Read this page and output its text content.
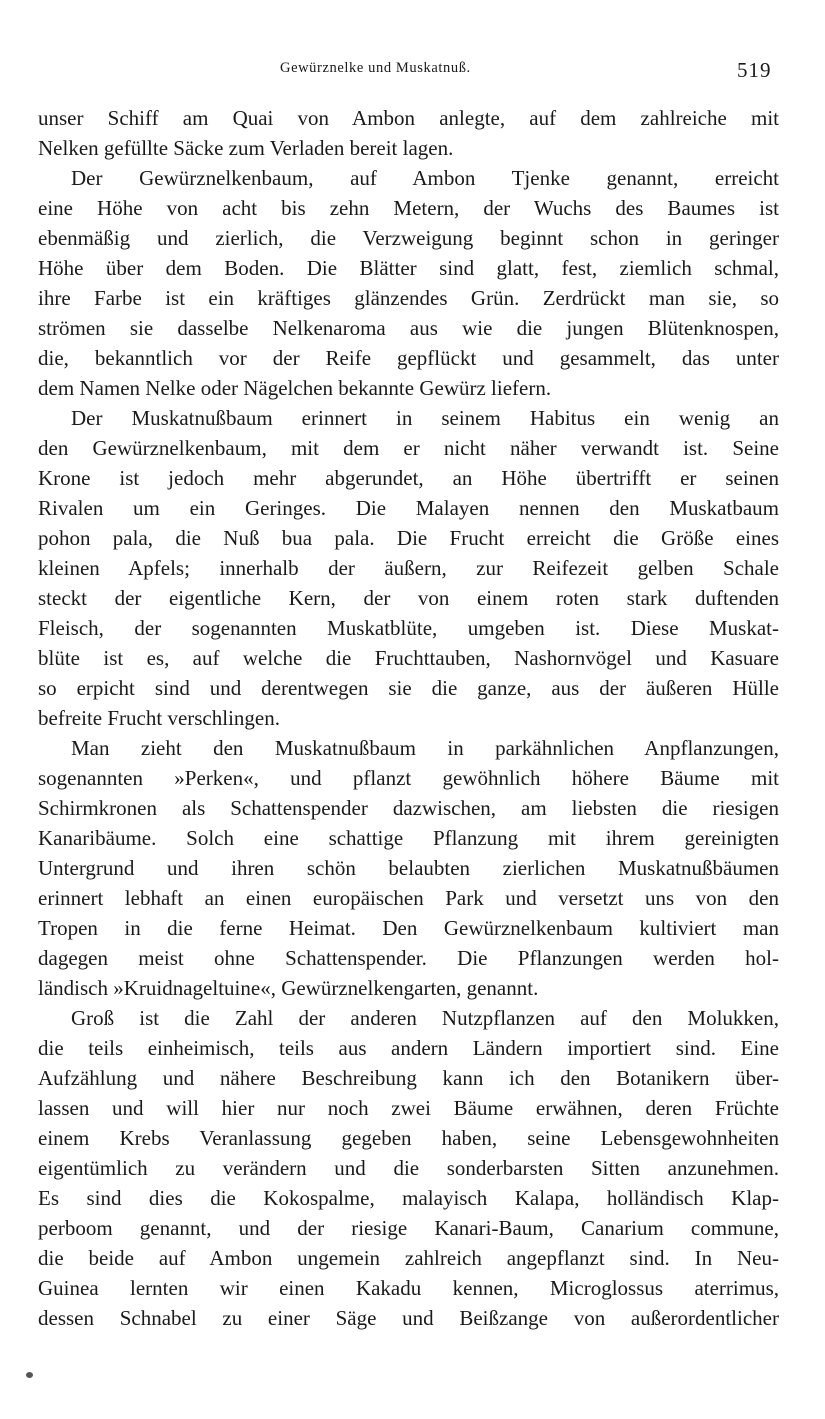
Gewürznelke und Muskatnuß.	519
unser Schiff am Quai von Ambon anlegte, auf dem zahlreiche mit
Nelken gefüllte Säcke zum Verladen bereit lagen.
Der Gewürznelkenbaum, auf Ambon Tjenke genannt, erreicht
eine Höhe von acht bis zehn Metern, der Wuchs des Baumes ist
ebenmäßig und zierlich, die Verzweigung beginnt schon in geringer
Höhe über dem Boden. Die Blätter sind glatt, fest, ziemlich schmal,
ihre Farbe ist ein kräftiges glänzendes Grün. Zerdrückt man sie, so
strömen sie dasselbe Nelkenaroma aus wie die jungen Blütenknospen,
die, bekanntlich vor der Reife gepflückt und gesammelt, das unter
dem Namen Nelke oder Nägelchen bekannte Gewürz liefern.
Der Muskatnußbaum erinnert in seinem Habitus ein wenig an
den Gewürznelkenbaum, mit dem er nicht näher verwandt ist. Seine
Krone ist jedoch mehr abgerundet, an Höhe übertrifft er seinen
Rivalen um ein Geringes. Die Malayen nennen den Muskatbaum
pohon pala, die Nuß bua pala. Die Frucht erreicht die Größe eines
kleinen Apfels; innerhalb der äußern, zur Reifezeit gelben Schale
steckt der eigentliche Kern, der von einem roten stark duftenden
Fleisch, der sogenannten Muskatblüte, umgeben ist. Diese Muskat-
blüte ist es, auf welche die Fruchttauben, Nashornvögel und Kasuare
so erpicht sind und derentwegen sie die ganze, aus der äußeren Hülle
befreite Frucht verschlingen.
Man zieht den Muskatnußbaum in parkähnlichen Anpflanzungen,
sogenannten »Perken«, und pflanzt gewöhnlich höhere Bäume mit
Schirmkronen als Schattenspender dazwischen, am liebsten die riesigen
Kanaribäume. Solch eine schattige Pflanzung mit ihrem gereinigten
Untergrund und ihren schön belaubten zierlichen Muskatnußbäumen
erinnert lebhaft an einen europäischen Park und versetzt uns von den
Tropen in die ferne Heimat. Den Gewürznelkenbaum kultiviert man
dagegen meist ohne Schattenspender. Die Pflanzungen werden hol-
ländisch »Kruidnageltuine«, Gewürznelkengarten, genannt.
Groß ist die Zahl der anderen Nutzpflanzen auf den Molukken,
die teils einheimisch, teils aus andern Ländern importiert sind. Eine
Aufzählung und nähere Beschreibung kann ich den Botanikern über-
lassen und will hier nur noch zwei Bäume erwähnen, deren Früchte
einem Krebs Veranlassung gegeben haben, seine Lebensgewohnheiten
eigentümlich zu verändern und die sonderbarsten Sitten anzunehmen.
Es sind dies die Kokospalme, malayisch Kalapa, holländisch Klap-
perboom genannt, und der riesige Kanari-Baum, Canarium commune,
die beide auf Ambon ungemein zahlreich angepflanzt sind. In Neu-
Guinea lernten wir einen Kakadu kennen, Microglossus aterrimus,
dessen Schnabel zu einer Säge und Beißzange von außerordentlicher
